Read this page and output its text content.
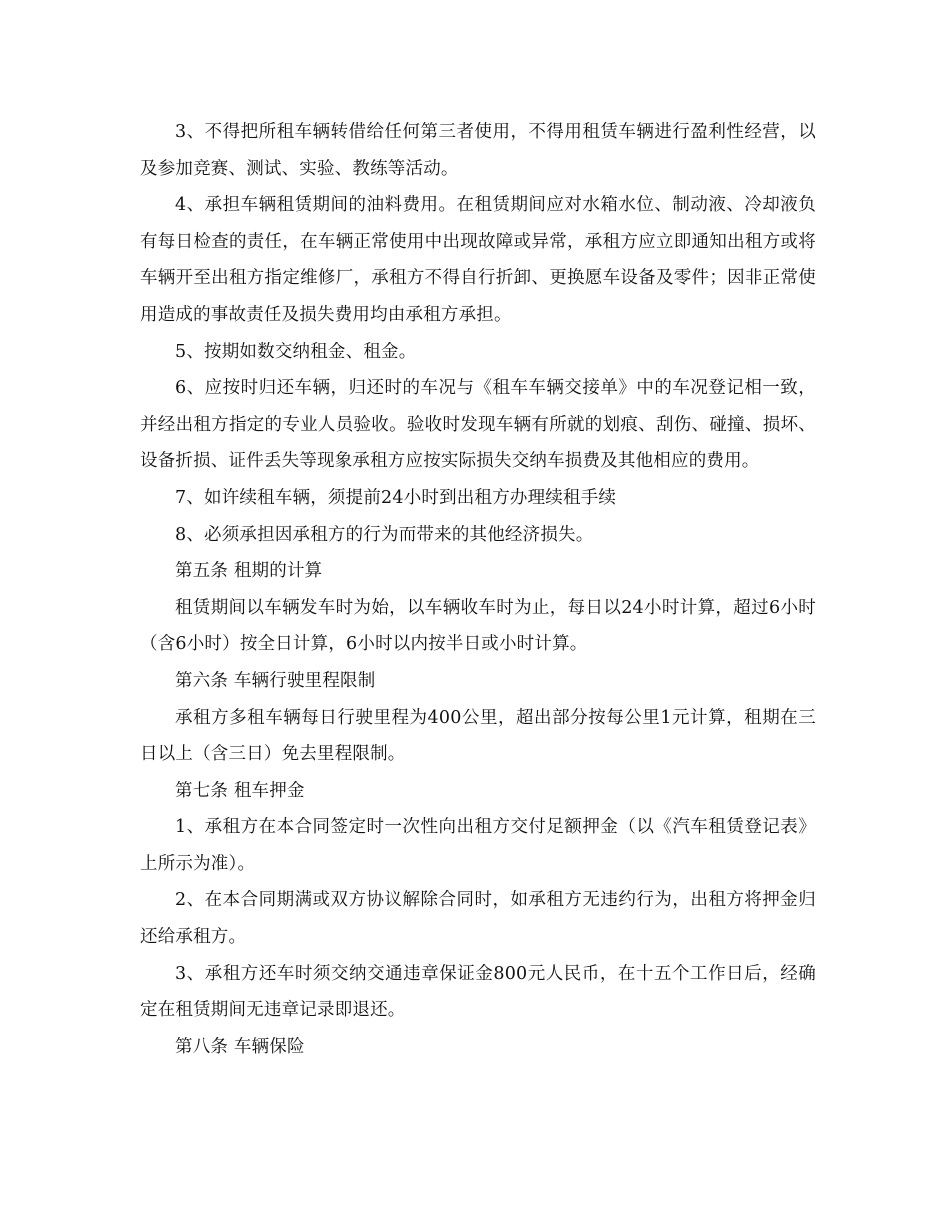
3、不得把所租车辆转借给任何第三者使用，不得用租赁车辆进行盈利性经营，以及参加竞赛、测试、实验、教练等活动。

4、承担车辆租赁期间的油料费用。在租赁期间应对水箱水位、制动液、冷却液负有每日检查的责任，在车辆正常使用中出现故障或异常，承租方应立即通知出租方或将车辆开至出租方指定维修厂，承租方不得自行折卸、更换愿车设备及零件；因非正常使用造成的事故责任及损失费用均由承租方承担。

5、按期如数交纳租金、租金。

6、应按时归还车辆，归还时的车况与《租车车辆交接单》中的车况登记相一致，并经出租方指定的专业人员验收。验收时发现车辆有所就的划痕、刮伤、碰撞、损坏、设备折损、证件丢失等现象承租方应按实际损失交纳车损费及其他相应的费用。

7、如许续租车辆，须提前24小时到出租方办理续租手续

8、必须承担因承租方的行为而带来的其他经济损失。

第五条 租期的计算

租赁期间以车辆发车时为始，以车辆收车时为止，每日以24小时计算，超过6小时（含6小时）按全日计算，6小时以内按半日或小时计算。

第六条 车辆行驶里程限制

承租方多租车辆每日行驶里程为400公里，超出部分按每公里1元计算，租期在三日以上（含三日）免去里程限制。

第七条 租车押金

1、承租方在本合同签定时一次性向出租方交付足额押金（以《汽车租赁登记表》上所示为准）。

2、在本合同期满或双方协议解除合同时，如承租方无违约行为，出租方将押金归还给承租方。

3、承租方还车时须交纳交通违章保证金800元人民币，在十五个工作日后，经确定在租赁期间无违章记录即退还。

第八条 车辆保险
